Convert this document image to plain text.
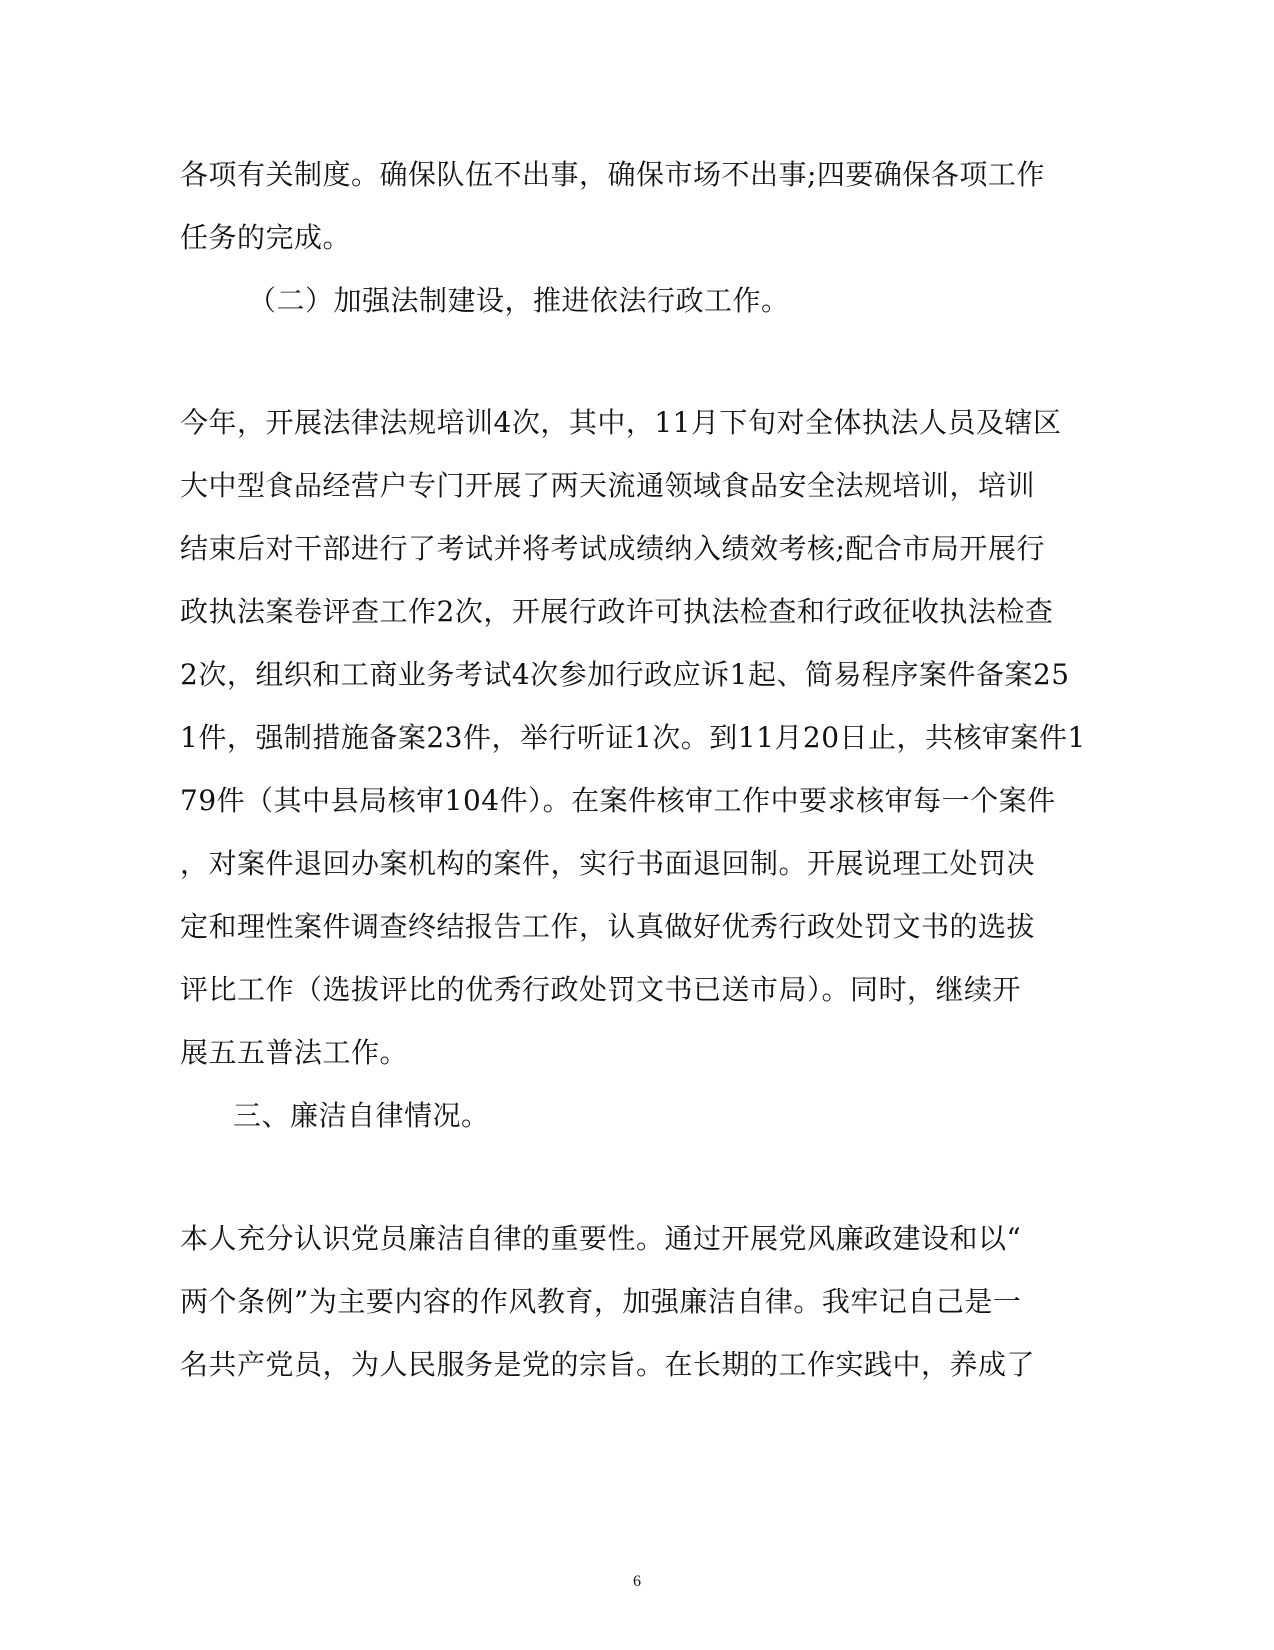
各项有关制度。确保队伍不出事，确保市场不出事;四要确保各项工作
任务的完成。
（二）加强法制建设，推进依法行政工作。
今年，开展法律法规培训4次，其中，11月下旬对全体执法人员及辖区
大中型食品经营户专门开展了两天流通领域食品安全法规培训，培训
结束后对干部进行了考试并将考试成绩纳入绩效考核;配合市局开展行
政执法案卷评查工作2次，开展行政许可执法检查和行政征收执法检查
2次，组织和工商业务考试4次参加行政应诉1起、简易程序案件备案25
1件，强制措施备案23件，举行听证1次。到11月20日止，共核审案件1
79件（其中县局核审104件）。在案件核审工作中要求核审每一个案件
，对案件退回办案机构的案件，实行书面退回制。开展说理工处罚决
定和理性案件调查终结报告工作，认真做好优秀行政处罚文书的选拔
评比工作（选拔评比的优秀行政处罚文书已送市局）。同时，继续开
展五五普法工作。
三、廉洁自律情况。
本人充分认识党员廉洁自律的重要性。通过开展党风廉政建设和以“
两个条例”为主要内容的作风教育，加强廉洁自律。我牢记自己是一
名共产党员，为人民服务是党的宗旨。在长期的工作实践中，养成了
6
